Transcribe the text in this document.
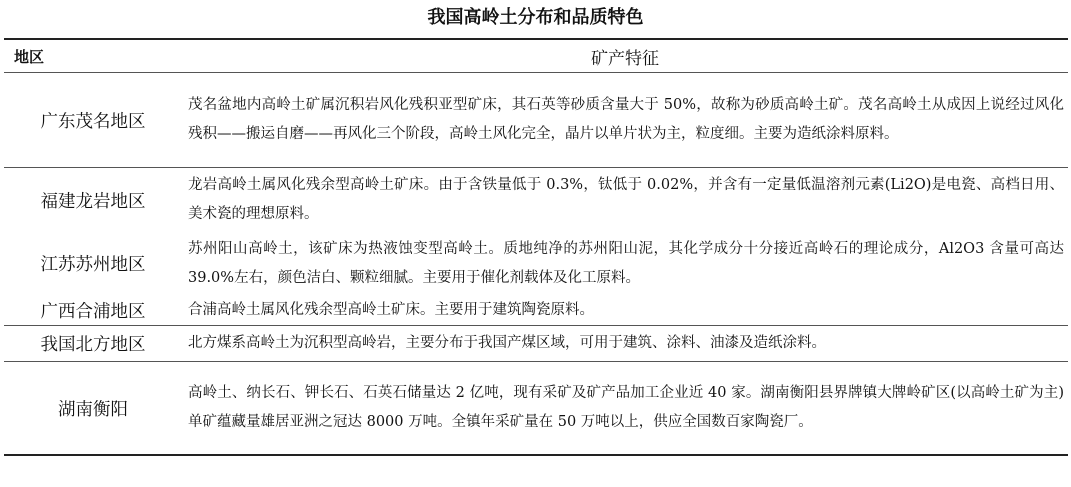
我国高岭土分布和品质特色
地区	矿产特征
广东茂名地区	茂名盆地内高岭土矿属沉积岩风化残积亚型矿床，其石英等砂质含量大于 50%，故称为砂质高岭土矿。茂名高岭土从成因上说经过风化残积——搬运自磨——再风化三个阶段，高岭土风化完全，晶片以单片状为主，粒度细。主要为造纸涂料原料。
福建龙岩地区	龙岩高岭土属风化残余型高岭土矿床。由于含铁量低于 0.3%，钛低于 0.02%，并含有一定量低温溶剂元素(Li2O)是电瓷、高档日用、美术瓷的理想原料。
江苏苏州地区	苏州阳山高岭土，该矿床为热液蚀变型高岭土。质地纯净的苏州阳山泥，其化学成分十分接近高岭石的理论成分，Al2O3 含量可高达 39.0%左右，颜色洁白、颗粒细腻。主要用于催化剂载体及化工原料。
广西合浦地区	合浦高岭土属风化残余型高岭土矿床。主要用于建筑陶瓷原料。
我国北方地区	北方煤系高岭土为沉积型高岭岩，主要分布于我国产煤区域，可用于建筑、涂料、油漆及造纸涂料。
湖南衡阳	高岭土、纳长石、钾长石、石英石储量达 2 亿吨，现有采矿及矿产品加工企业近 40 家。湖南衡阳县界牌镇大牌岭矿区(以高岭土矿为主)单矿蕴藏量雄居亚洲之冠达 8000 万吨。全镇年采矿量在 50 万吨以上，供应全国数百家陶瓷厂。
